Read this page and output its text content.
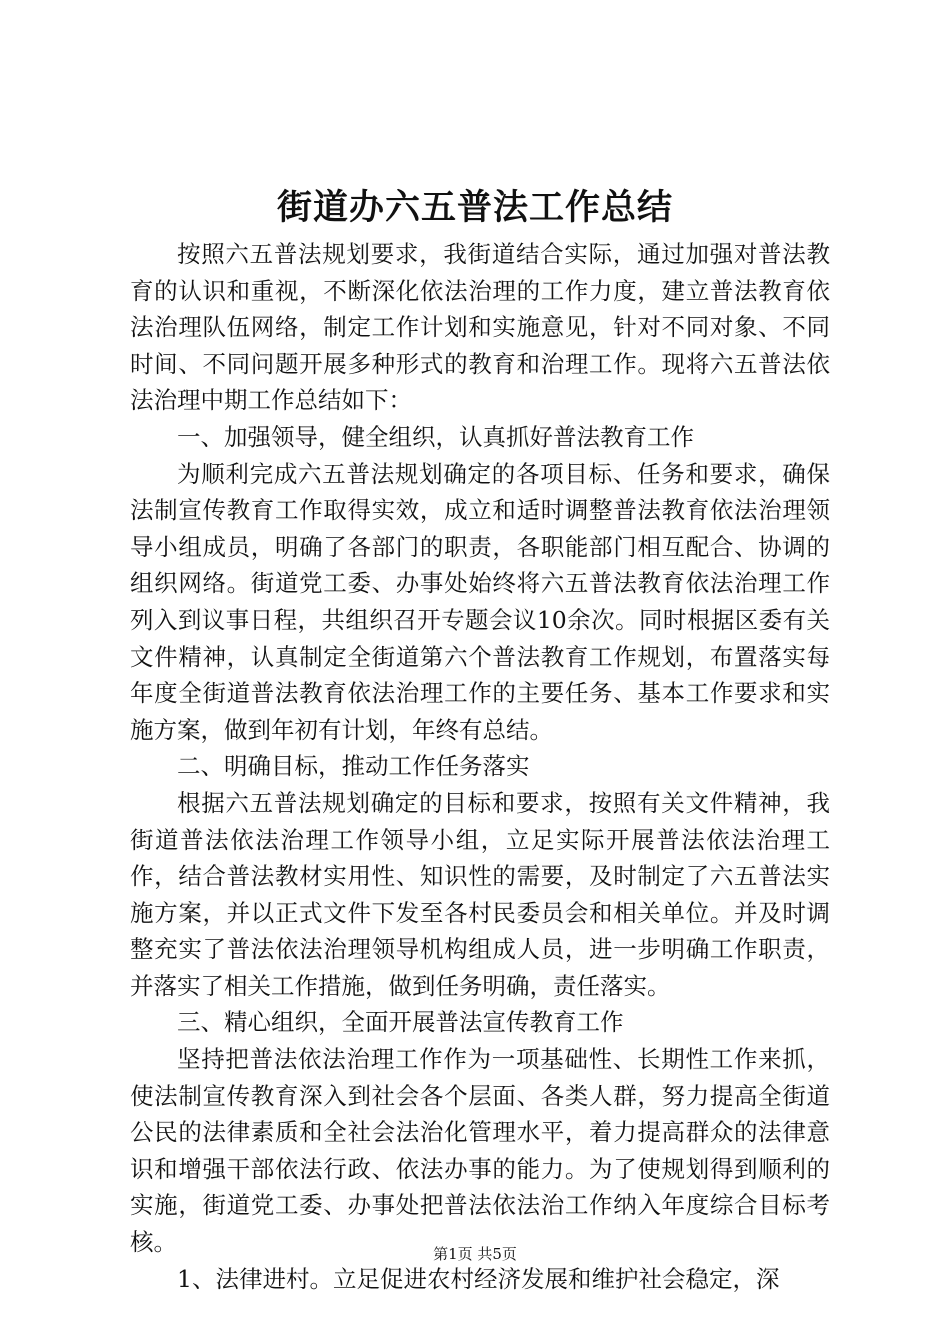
街道办六五普法工作总结

按照六五普法规划要求，我街道结合实际，通过加强对普法教育的认识和重视，不断深化依法治理的工作力度，建立普法教育依法治理队伍网络，制定工作计划和实施意见，针对不同对象、不同时间、不同问题开展多种形式的教育和治理工作。现将六五普法依法治理中期工作总结如下：

一、加强领导，健全组织，认真抓好普法教育工作

为顺利完成六五普法规划确定的各项目标、任务和要求，确保法制宣传教育工作取得实效，成立和适时调整普法教育依法治理领导小组成员，明确了各部门的职责，各职能部门相互配合、协调的组织网络。街道党工委、办事处始终将六五普法教育依法治理工作列入到议事日程，共组织召开专题会议10余次。同时根据区委有关文件精神，认真制定全街道第六个普法教育工作规划，布置落实每年度全街道普法教育依法治理工作的主要任务、基本工作要求和实施方案，做到年初有计划，年终有总结。

二、明确目标，推动工作任务落实

根据六五普法规划确定的目标和要求，按照有关文件精神，我街道普法依法治理工作领导小组，立足实际开展普法依法治理工作，结合普法教材实用性、知识性的需要，及时制定了六五普法实施方案，并以正式文件下发至各村民委员会和相关单位。并及时调整充实了普法依法治理领导机构组成人员，进一步明确工作职责，并落实了相关工作措施，做到任务明确，责任落实。

三、精心组织，全面开展普法宣传教育工作

坚持把普法依法治理工作作为一项基础性、长期性工作来抓，使法制宣传教育深入到社会各个层面、各类人群，努力提高全街道公民的法律素质和全社会法治化管理水平，着力提高群众的法律意识和增强干部依法行政、依法办事的能力。为了使规划得到顺利的实施，街道党工委、办事处把普法依法治工作纳入年度综合目标考核。

1、法律进村。立足促进农村经济发展和维护社会稳定，深

第1页 共5页
